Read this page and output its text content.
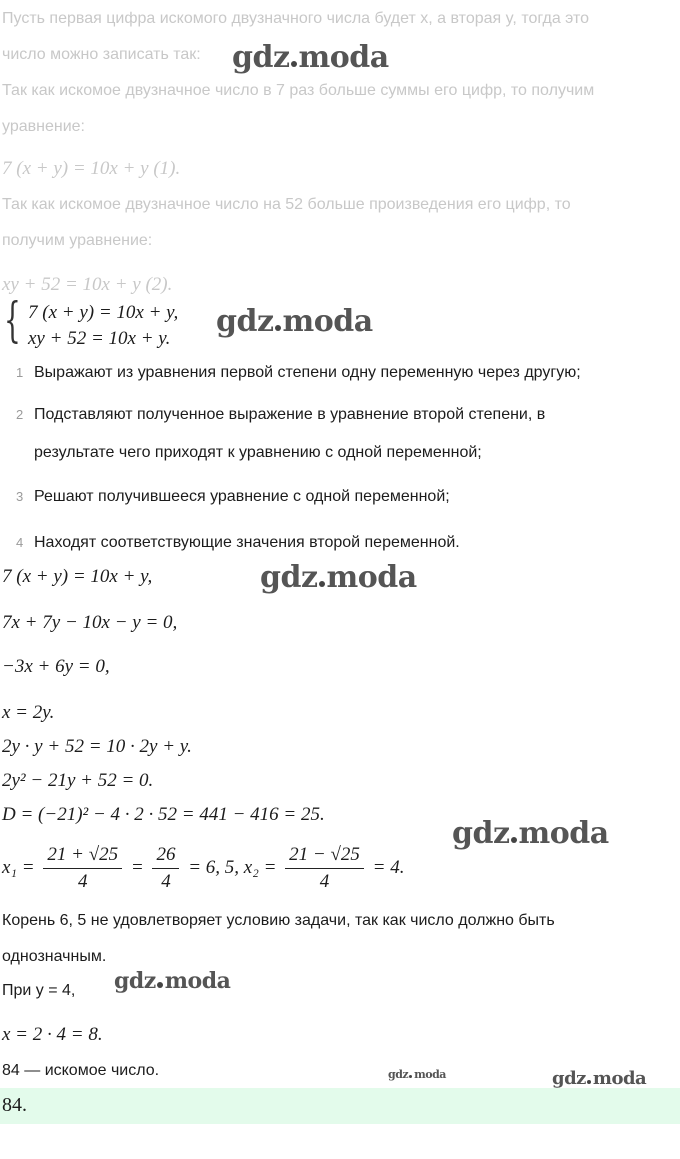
Пусть первая цифра искомого двузначного числа будет x, а вторая y, тогда это
число можно записать так:
Так как искомое двузначное число в 7 раз больше суммы его цифр, то получим
уравнение:
7 (x + y) = 10x + y (1).
Так как искомое двузначное число на 52 больше произведения его цифр, то
получим уравнение:
xy + 52 = 10x + y (2).
{ 7 (x + y) = 10x + y,
xy + 52 = 10x + y.
1 Выражают из уравнения первой степени одну переменную через другую;
2 Подставляют полученное выражение в уравнение второй степени, в
результате чего приходят к уравнению с одной переменной;
3 Решают получившееся уравнение с одной переменной;
4 Находят соответствующие значения второй переменной.
7 (x + y) = 10x + y,
7x + 7y − 10x − y = 0,
−3x + 6y = 0,
x = 2y.
2y · y + 52 = 10 · 2y + y.
2y² − 21y + 52 = 0.
D = (−21)² − 4 · 2 · 52 = 441 − 416 = 25.
$x_1 = \frac{21 + √25}{4} = \frac{26}{4} = 6$, 5, $x_2 = \frac{21 - √25}{4} = 4$.
Корень 6, 5 не удовлетворяет условию задачи, так как число должно быть
однозначным.
При y = 4,
x = 2 · 4 = 8.
84 — искомое число.
84.
gdz moda
gdz moda
gdz moda
gdz moda
gdz moda
gdz moda	gdz moda
